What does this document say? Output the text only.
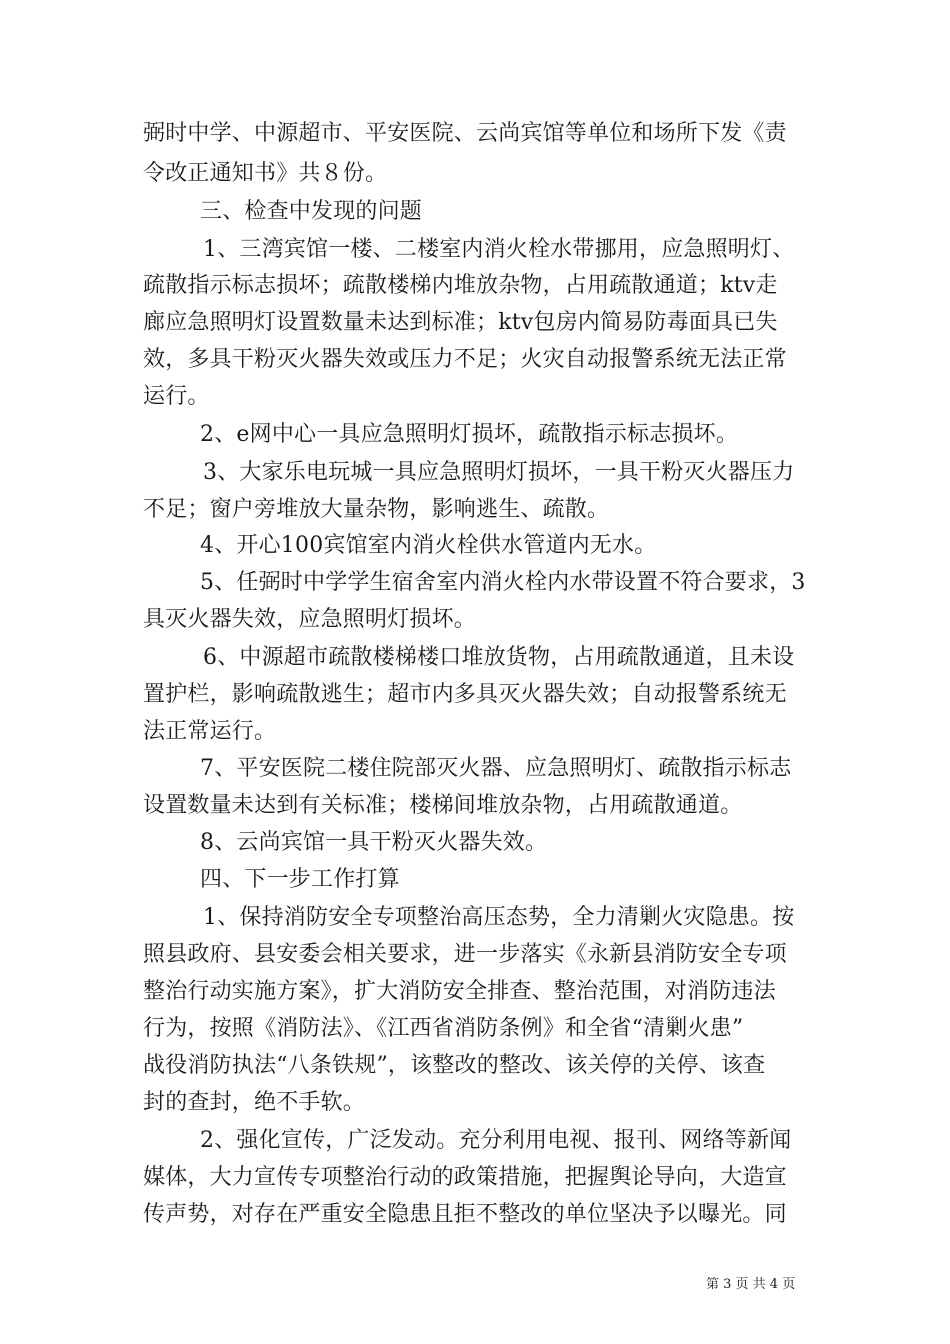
弼时中学、中源超市、平安医院、云尚宾馆等单位和场所下发《责
令改正通知书》共８份。
三、检查中发现的问题
1、三湾宾馆一楼、二楼室内消火栓水带挪用，应急照明灯、
疏散指示标志损坏；疏散楼梯内堆放杂物，占用疏散通道；ktv走
廊应急照明灯设置数量未达到标准；ktv包房内简易防毒面具已失
效，多具干粉灭火器失效或压力不足；火灾自动报警系统无法正常
运行。
2、e网中心一具应急照明灯损坏，疏散指示标志损坏。
3、大家乐电玩城一具应急照明灯损坏，一具干粉灭火器压力
不足；窗户旁堆放大量杂物，影响逃生、疏散。
4、开心100宾馆室内消火栓供水管道内无水。
5、任弼时中学学生宿舍室内消火栓内水带设置不符合要求，3
具灭火器失效，应急照明灯损坏。
6、中源超市疏散楼梯楼口堆放货物，占用疏散通道，且未设
置护栏，影响疏散逃生；超市内多具灭火器失效；自动报警系统无
法正常运行。
7、平安医院二楼住院部灭火器、应急照明灯、疏散指示标志
设置数量未达到有关标准；楼梯间堆放杂物，占用疏散通道。
8、云尚宾馆一具干粉灭火器失效。
四、下一步工作打算
1、保持消防安全专项整治高压态势，全力清剿火灾隐患。按
照县政府、县安委会相关要求，进一步落实《永新县消防安全专项
整治行动实施方案》，扩大消防安全排查、整治范围，对消防违法
行为，按照《消防法》、《江西省消防条例》和全省“清剿火患”
战役消防执法“八条铁规”，该整改的整改、该关停的关停、该查
封的查封，绝不手软。
2、强化宣传，广泛发动。充分利用电视、报刊、网络等新闻
媒体，大力宣传专项整治行动的政策措施，把握舆论导向，大造宣
传声势，对存在严重安全隐患且拒不整改的单位坚决予以曝光。同
第 3 页 共 4 页
